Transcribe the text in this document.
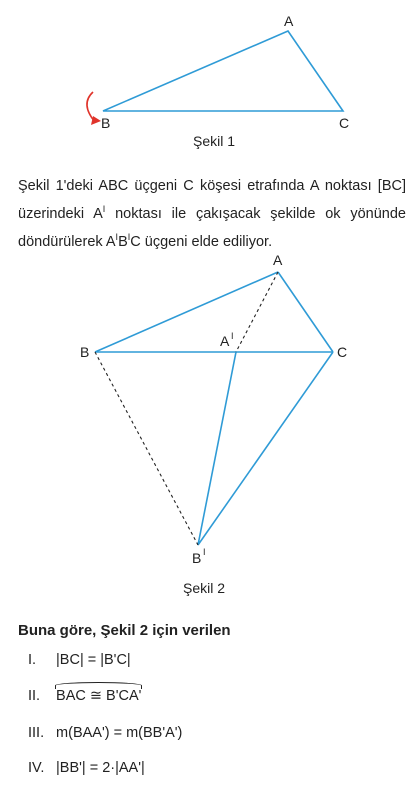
A
B	C
Şekil 1
Şekil 1'deki ABC üçgeni C köşesi etrafında A noktası [BC] üzerindeki $A^I$ noktası ile çakışacak şekilde ok yönünde döndürülerek $A^IB^IC$ üçgeni elde ediliyor.
A
B	C
A I
B I
Şekil 2
Buna göre, Şekil 2 için verilen
I. |BC| = |B'C|
II. BAC ≅ B'CA'
III. m(BAA') = m(BB'A')
IV. |BB'| = 2·|AA'|
